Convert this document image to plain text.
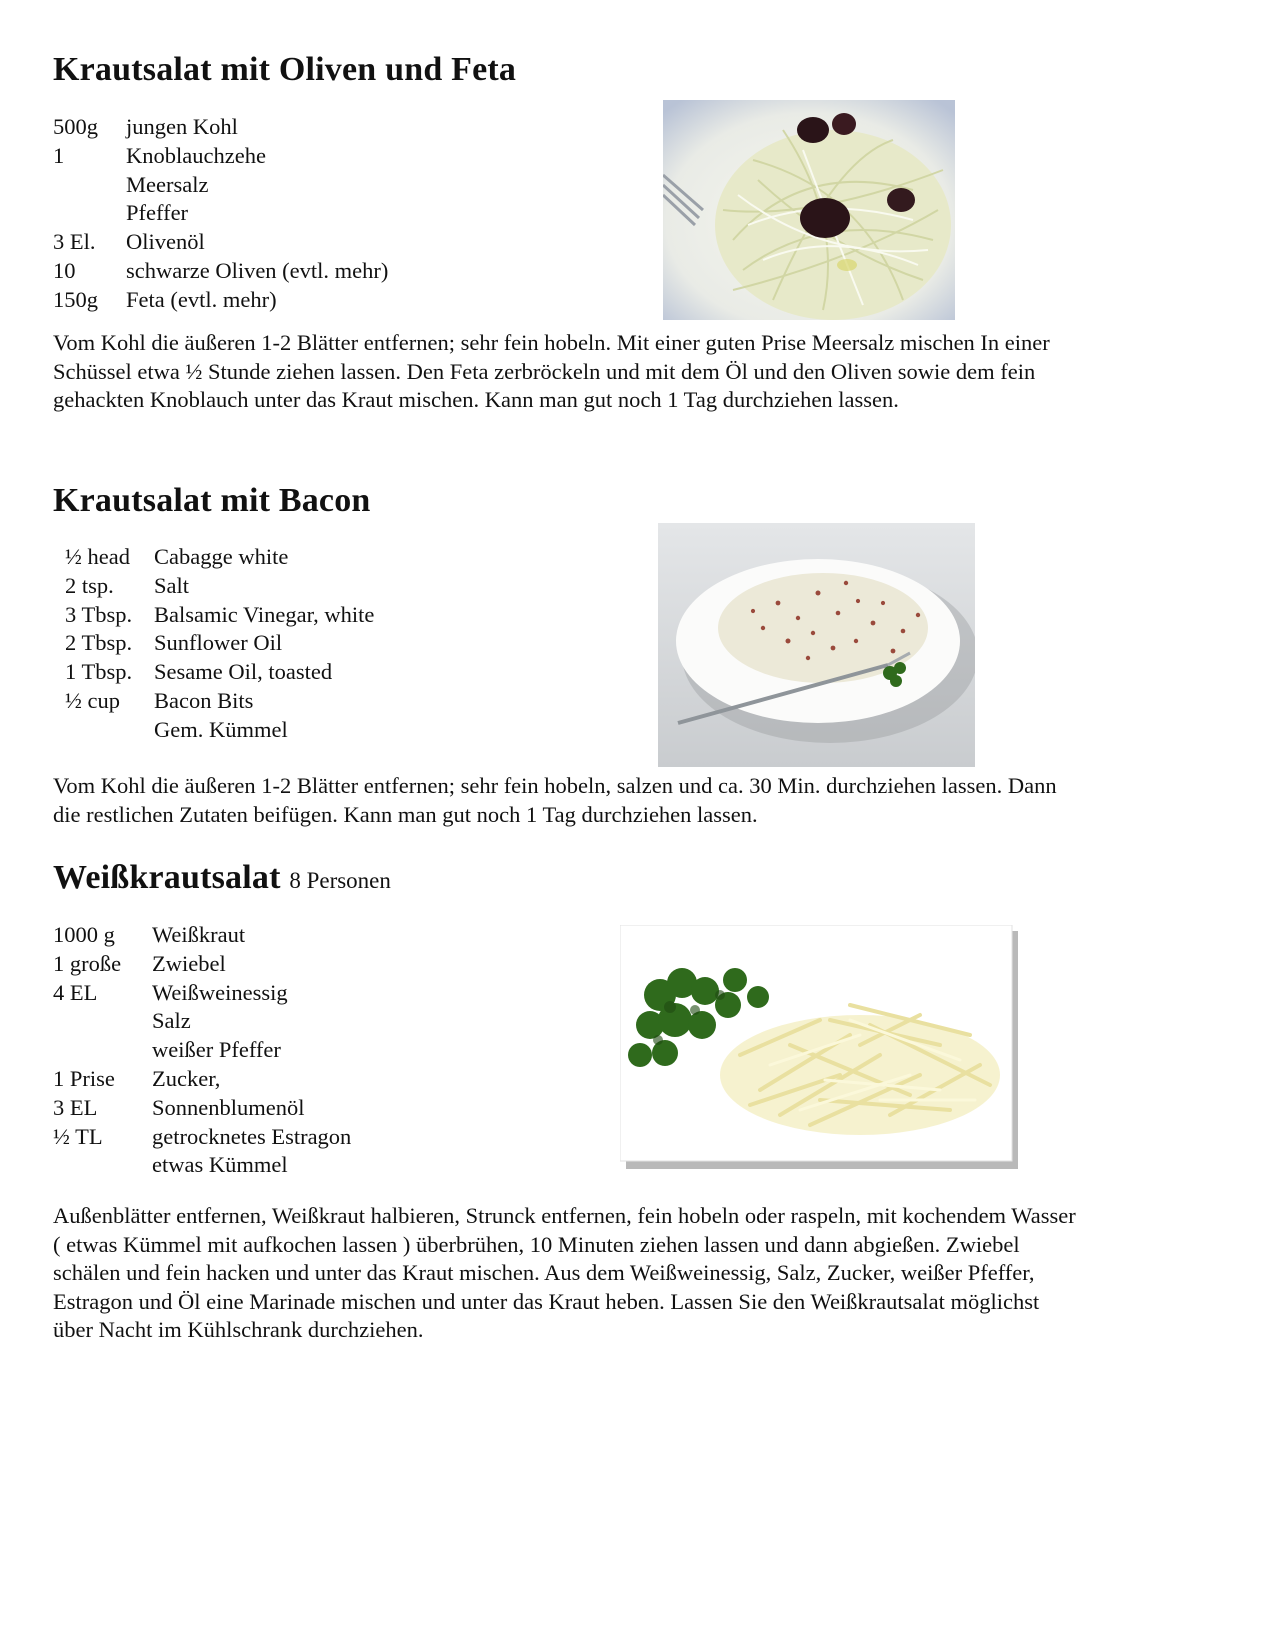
Krautsalat mit Oliven und Feta
500g	jungen Kohl
1	Knoblauchzehe
Meersalz
Pfeffer
3 El.	Olivenöl
10	schwarze Oliven (evtl. mehr)
150g	Feta (evtl. mehr)

Vom Kohl die äußeren 1-2 Blätter entfernen; sehr fein hobeln. Mit einer guten Prise Meersalz mischen In einer Schüssel etwa ½ Stunde ziehen lassen. Den Feta zerbröckeln und mit dem Öl und den Oliven sowie dem fein gehackten Knoblauch unter das Kraut mischen. Kann man gut noch 1 Tag durchziehen lassen.

Krautsalat mit Bacon
½ head	Cabagge white
2 tsp.	Salt
3 Tbsp. Balsamic Vinegar, white
2 Tbsp. Sunflower Oil
1 Tbsp. Sesame Oil, toasted
½ cup	Bacon Bits
Gem. Kümmel

Vom Kohl die äußeren 1-2 Blätter entfernen; sehr fein hobeln, salzen und ca. 30 Min. durchziehen lassen. Dann die restlichen Zutaten beifügen. Kann man gut noch 1 Tag durchziehen lassen.

Weißkrautsalat 8 Personen
1000 g	Weißkraut
1 große	Zwiebel
4 EL	Weißweinessig
Salz
weißer Pfeffer
1 Prise	Zucker,
3 EL	Sonnenblumenöl
½ TL	getrocknetes Estragon
etwas Kümmel

Außenblätter entfernen, Weißkraut halbieren, Strunck entfernen, fein hobeln oder raspeln, mit kochendem Wasser ( etwas Kümmel mit aufkochen lassen ) überbrühen, 10 Minuten ziehen lassen und dann abgießen. Zwiebel schälen und fein hacken und unter das Kraut mischen. Aus dem Weißweinessig, Salz, Zucker, weißer Pfeffer, Estragon und Öl eine Marinade mischen und unter das Kraut heben. Lassen Sie den Weißkrautsalat möglichst über Nacht im Kühlschrank durchziehen.
